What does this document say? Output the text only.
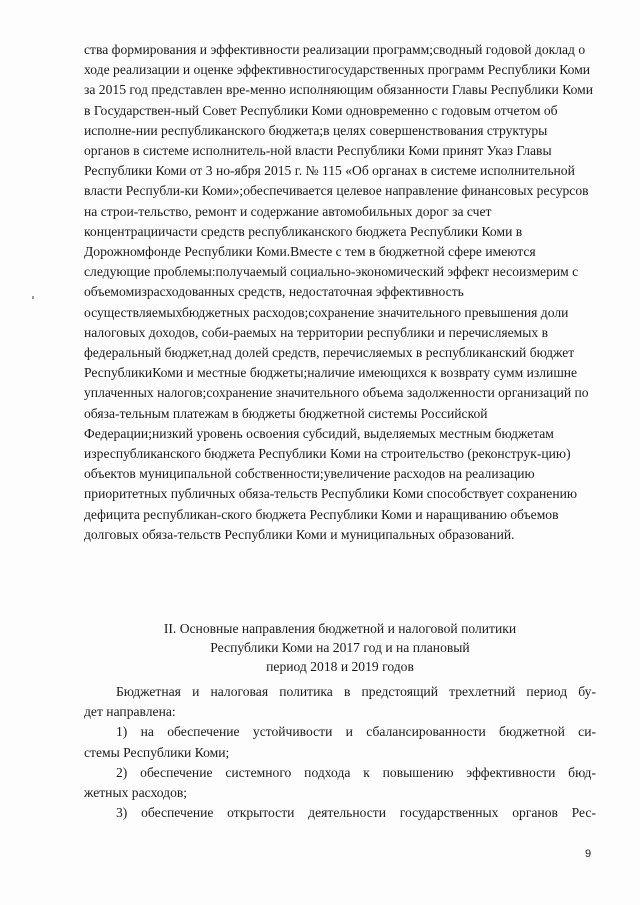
ства формирования и эффективности реализации программ;сводный годовой доклад о ходе реализации и оценке эффективностигосударственных программ Республики Коми за 2015 год представлен вре-менно исполняющим обязанности Главы Республики Коми в Государствен-ный Совет Республики Коми одновременно с годовым отчетом об исполне-нии республиканского бюджета;в целях совершенствования структуры органов в системе исполнитель-ной власти Республики Коми принят Указ Главы Республики Коми от 3 но-ября 2015 г. № 115 «Об органах в системе исполнительной власти Республи-ки Коми»;обеспечивается целевое направление финансовых ресурсов на строи-тельство, ремонт и содержание автомобильных дорог за счет концентрациичасти средств республиканского бюджета Республики Коми в Дорожномфонде Республики Коми.Вместе с тем в бюджетной сфере имеются следующие проблемы:получаемый социально-экономический эффект несоизмерим с объемомизрасходованных средств, недостаточная эффективность осуществляемыхбюджетных расходов;сохранение значительного превышения доли налоговых доходов, соби-раемых на территории республики и перечисляемых в федеральный бюджет,над долей средств, перечисляемых в республиканский бюджет РеспубликиКоми и местные бюджеты;наличие имеющихся к возврату сумм излишне уплаченных налогов;сохранение значительного объема задолженности организаций по обяза-тельным платежам в бюджеты бюджетной системы Российской Федерации;низкий уровень освоения субсидий, выделяемых местным бюджетам изреспубликанского бюджета Республики Коми на строительство (реконструк-цию) объектов муниципальной собственности;увеличение расходов на реализацию приоритетных публичных обяза-тельств Республики Коми способствует сохранению дефицита республикан-ского бюджета Республики Коми и наращиванию объемов долговых обяза-тельств Республики Коми и муниципальных образований.
II. Основные направления бюджетной и налоговой политики
Республики Коми на 2017 год и на плановый
период 2018 и 2019 годов
Бюджетная и налоговая политика в предстоящий трехлетний период бу-
дет направлена:
1) на обеспечение устойчивости и сбалансированности бюджетной си-
стемы Республики Коми;
2) обеспечение системного подхода к повышению эффективности бюд-
жетных расходов;
3) обеспечение открытости деятельности государственных органов Рес-
9
